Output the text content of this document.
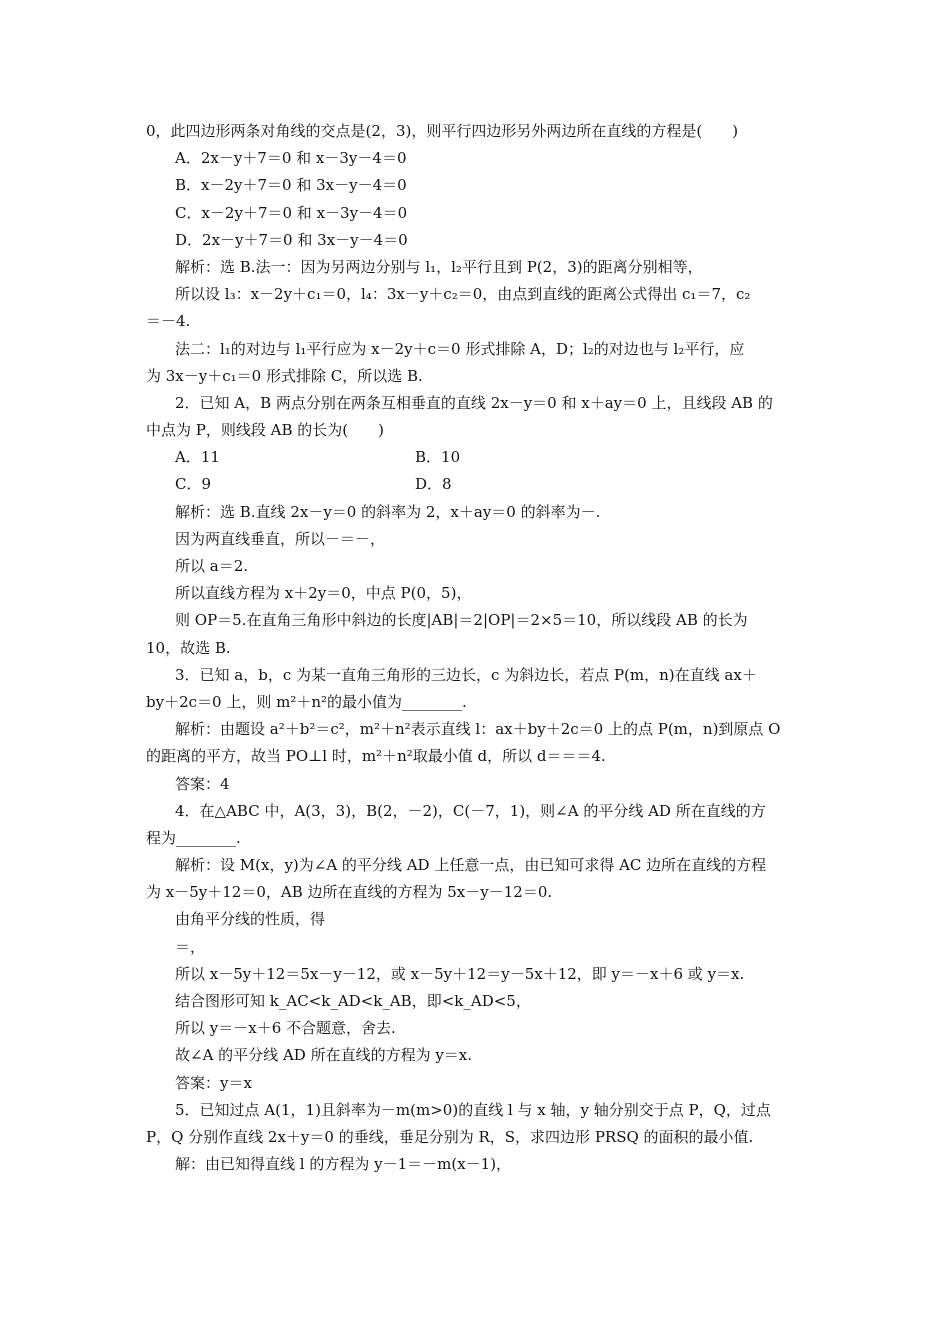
0，此四边形两条对角线的交点是(2，3)，则平行四边形另外两边所在直线的方程是(　　)
A．2x－y＋7＝0 和 x－3y－4＝0
B．x－2y＋7＝0 和 3x－y－4＝0
C．x－2y＋7＝0 和 x－3y－4＝0
D．2x－y＋7＝0 和 3x－y－4＝0
解析：选 B.法一：因为另两边分别与 l₁，l₂平行且到 P(2，3)的距离分别相等，
所以设 l₃：x－2y＋c₁＝0，l₄：3x－y＋c₂＝0，由点到直线的距离公式得出 c₁＝7，c₂
＝－4.
法二：l₁的对边与 l₁平行应为 x－2y＋c＝0 形式排除 A，D；l₂的对边也与 l₂平行，应
为 3x－y＋c₁＝0 形式排除 C，所以选 B.
2．已知 A，B 两点分别在两条互相垂直的直线 2x－y＝0 和 x＋ay＝0 上，且线段 AB 的
中点为 P，则线段 AB 的长为(　　)
A．11	B．10
C．9	D．8
解析：选 B.直线 2x－y＝0 的斜率为 2，x＋ay＝0 的斜率为－.
因为两直线垂直，所以－＝－，
所以 a＝2.
所以直线方程为 x＋2y＝0，中点 P(0，5)，
则 OP＝5.在直角三角形中斜边的长度|AB|＝2|OP|＝2×5＝10，所以线段 AB 的长为
10，故选 B.
3．已知 a，b，c 为某一直角三角形的三边长，c 为斜边长，若点 P(m，n)在直线 ax＋
by＋2c＝0 上，则 m²＋n²的最小值为________.
解析：由题设 a²＋b²＝c²，m²＋n²表示直线 l：ax＋by＋2c＝0 上的点 P(m，n)到原点 O
的距离的平方，故当 PO⊥l 时，m²＋n²取最小值 d，所以 d＝＝＝4.
答案：4
4．在△ABC 中，A(3，3)，B(2，－2)，C(－7，1)，则∠A 的平分线 AD 所在直线的方
程为________.
解析：设 M(x，y)为∠A 的平分线 AD 上任意一点，由已知可求得 AC 边所在直线的方程
为 x－5y＋12＝0，AB 边所在直线的方程为 5x－y－12＝0.
由角平分线的性质，得
＝，
所以 x－5y＋12＝5x－y－12，或 x－5y＋12＝y－5x＋12，即 y＝－x＋6 或 y＝x.
结合图形可知 k_AC<k_AD<k_AB，即<k_AD<5，
所以 y＝－x＋6 不合题意，舍去.
故∠A 的平分线 AD 所在直线的方程为 y＝x.
答案：y＝x
5．已知过点 A(1，1)且斜率为－m(m>0)的直线 l 与 x 轴，y 轴分别交于点 P，Q，过点
P，Q 分别作直线 2x＋y＝0 的垂线，垂足分别为 R，S，求四边形 PRSQ 的面积的最小值.
解：由已知得直线 l 的方程为 y－1＝－m(x－1)，
